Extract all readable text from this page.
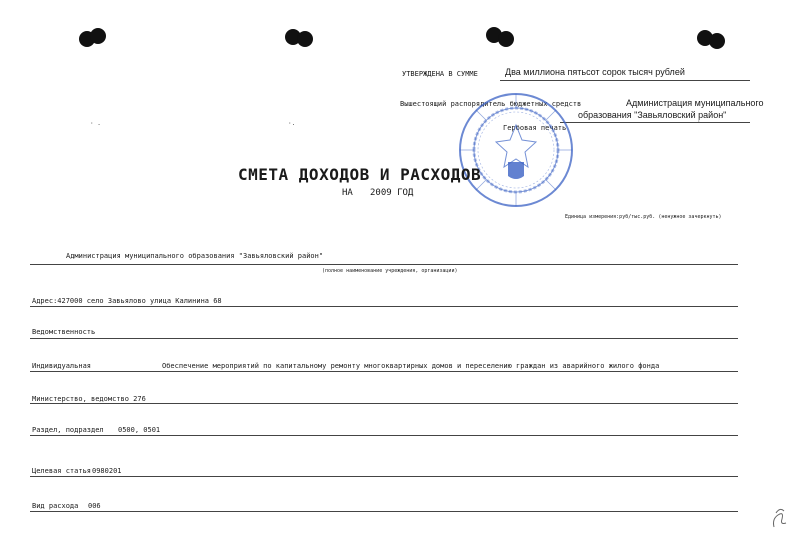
· .	·.
УТВЕРЖДЕНА В СУММЕ	Два миллиона пятьсот сорок тысяч рублей
Вышестоящий распорядитель бюджетных средств	Администрация муниципального
образования "Завьяловский район"
Гербовая печать
СМЕТА ДОХОДОВ И РАСХОДОВ
НА 2009 ГОД
Единица измерения:руб/тыс.руб. (ненужное зачеркнуть)
Администрация муниципального образования "Завьяловский район"
(полное наименование учреждения, организации)
Адрес:427000 село Завьялово улица Калинина 68
Ведомственность
Индивидуальная	Обеспечение мероприятий по капитальному ремонту многоквартирных домов и переселению граждан из аварийного жилого фонда
Министерство, ведомство 276
Раздел, подраздел 0500, 0501
Целевая статья 0980201
Вид расхода 006
